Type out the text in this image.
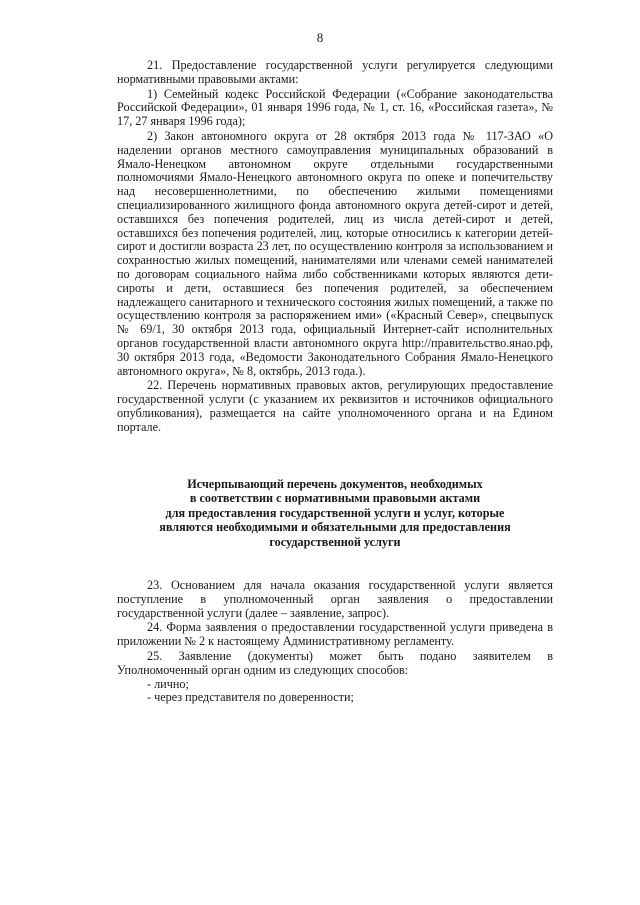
8

21. Предоставление государственной услуги регулируется следующими нормативными правовыми актами:

1) Семейный кодекс Российской Федерации («Собрание законодательства Российской Федерации», 01 января 1996 года, № 1, ст. 16, «Российская газета», № 17, 27 января 1996 года);

2) Закон автономного округа от 28 октября 2013 года № 117-ЗАО «О наделении органов местного самоуправления муниципальных образований в Ямало-Ненецком автономном округе отдельными государственными полномочиями Ямало-Ненецкого автономного округа по опеке и попечительству над несовершеннолетними, по обеспечению жилыми помещениями специализированного жилищного фонда автономного округа детей-сирот и детей, оставшихся без попечения родителей, лиц из числа детей-сирот и детей, оставшихся без попечения родителей, лиц, которые относились к категории детей-сирот и достигли возраста 23 лет, по осуществлению контроля за использованием и сохранностью жилых помещений, нанимателями или членами семей нанимателей по договорам социального найма либо собственниками которых являются дети-сироты и дети, оставшиеся без попечения родителей, за обеспечением надлежащего санитарного и технического состояния жилых помещений, а также по осуществлению контроля за распоряжением ими» («Красный Север», спецвыпуск № 69/1, 30 октября 2013 года, официальный Интернет-сайт исполнительных органов государственной власти автономного округа http://правительство.янао.рф, 30 октября 2013 года, «Ведомости Законодательного Собрания Ямало-Ненецкого автономного округа», № 8, октябрь, 2013 года.).

22. Перечень нормативных правовых актов, регулирующих предоставление государственной услуги (с указанием их реквизитов и источников официального опубликования), размещается на сайте уполномоченного органа и на Едином портале.

Исчерпывающий перечень документов, необходимых
в соответствии с нормативными правовыми актами
для предоставления государственной услуги и услуг, которые
являются необходимыми и обязательными для предоставления
государственной услуги

23. Основанием для начала оказания государственной услуги является поступление в уполномоченный орган заявления о предоставлении государственной услуги (далее – заявление, запрос).

24. Форма заявления о предоставлении государственной услуги приведена в приложении № 2 к настоящему Административному регламенту.

25. Заявление (документы) может быть подано заявителем в Уполномоченный орган одним из следующих способов:

- лично;

- через представителя по доверенности;
